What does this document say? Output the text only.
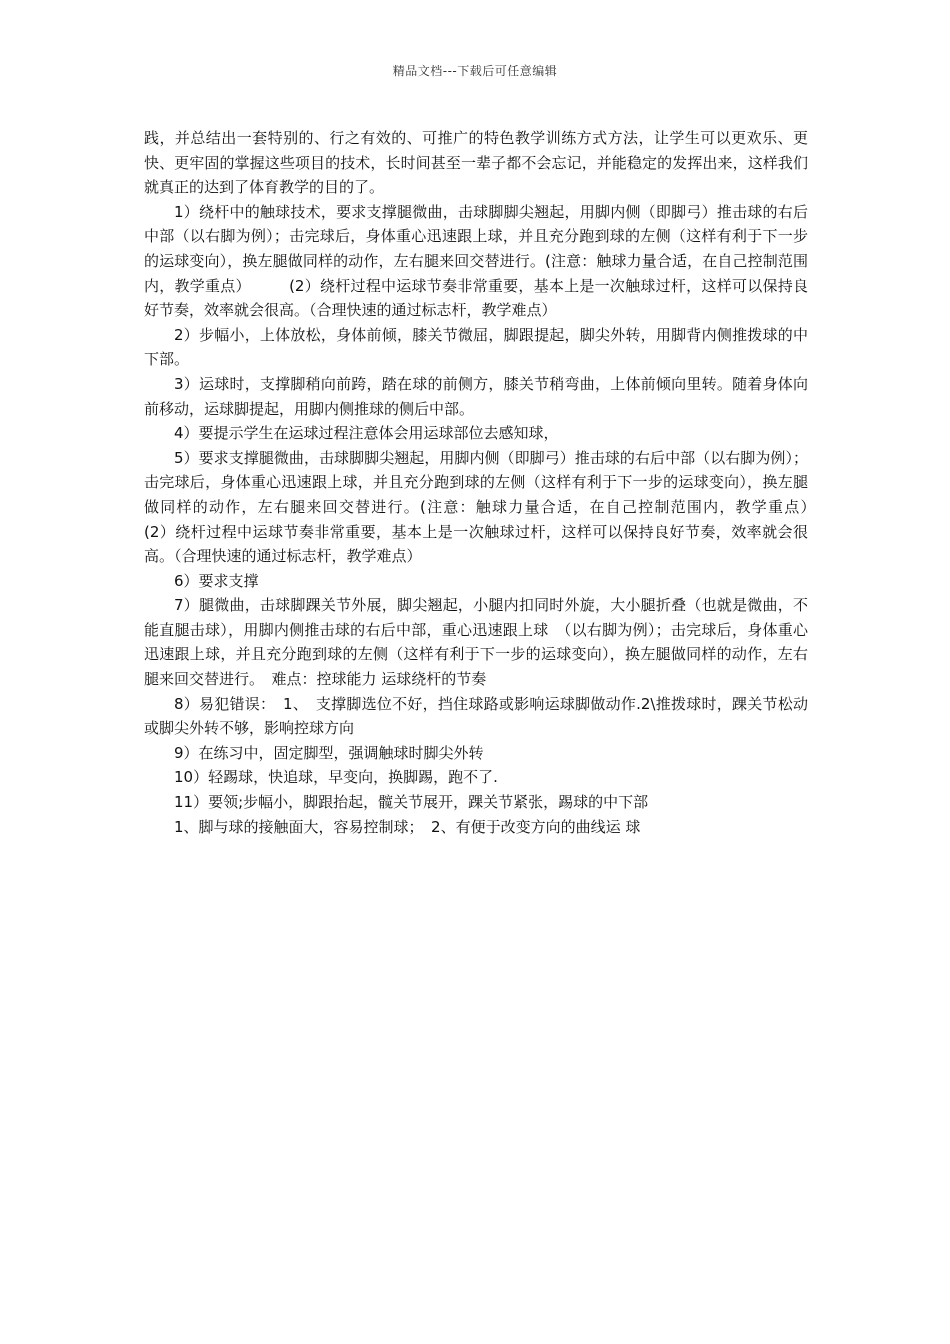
精品文档---下载后可任意编辑

践，并总结出一套特别的、行之有效的、可推广的特色教学训练方式方法，让学生可以更欢乐、更快、更牢固的掌握这些项目的技术，长时间甚至一辈子都不会忘记，并能稳定的发挥出来，这样我们就真正的达到了体育教学的目的了。

1）绕杆中的触球技术，要求支撑腿微曲，击球脚脚尖翘起，用脚内侧（即脚弓）推击球的右后中部（以右脚为例）；击完球后，身体重心迅速跟上球，并且充分跑到球的左侧（这样有利于下一步的运球变向），换左腿做同样的动作，左右腿来回交替进行。(注意：触球力量合适，在自己控制范围内，教学重点）　　　(2）绕杆过程中运球节奏非常重要，基本上是一次触球过杆，这样可以保持良好节奏，效率就会很高。（合理快速的通过标志杆，教学难点）

2）步幅小，上体放松，身体前倾，膝关节微屈，脚跟提起，脚尖外转，用脚背内侧推拨球的中下部。

3）运球时，支撑脚稍向前跨，踏在球的前侧方，膝关节稍弯曲，上体前倾向里转。随着身体向前移动，运球脚提起，用脚内侧推球的侧后中部。

4）要提示学生在运球过程注意体会用运球部位去感知球，

5）要求支撑腿微曲，击球脚脚尖翘起，用脚内侧（即脚弓）推击球的右后中部（以右脚为例）；击完球后，身体重心迅速跟上球，并且充分跑到球的左侧（这样有利于下一步的运球变向），换左腿做同样的动作，左右腿来回交替进行。(注意：触球力量合适，在自己控制范围内，教学重点）　　　(2）绕杆过程中运球节奏非常重要，基本上是一次触球过杆，这样可以保持良好节奏，效率就会很高。（合理快速的通过标志杆，教学难点）

6）要求支撑

7）腿微曲，击球脚踝关节外展，脚尖翘起，小腿内扣同时外旋，大小腿折叠（也就是微曲，不能直腿击球），用脚内侧推击球的右后中部，重心迅速跟上球　（以右脚为例）；击完球后，身体重心迅速跟上球，并且充分跑到球的左侧（这样有利于下一步的运球变向），换左腿做同样的动作，左右腿来回交替进行。　难点：控球能力 运球绕杆的节奏

8）易犯错误：　1、　支撑脚选位不好，挡住球路或影响运球脚做动作.2\推拨球时，踝关节松动或脚尖外转不够，影响控球方向

9）在练习中，固定脚型，强调触球时脚尖外转

10）轻踢球，快追球，早变向，换脚踢，跑不了.

11）要领;步幅小，脚跟抬起，髋关节展开，踝关节紧张，踢球的中下部

1、脚与球的接触面大，容易控制球；　2、有便于改变方向的曲线运 球
